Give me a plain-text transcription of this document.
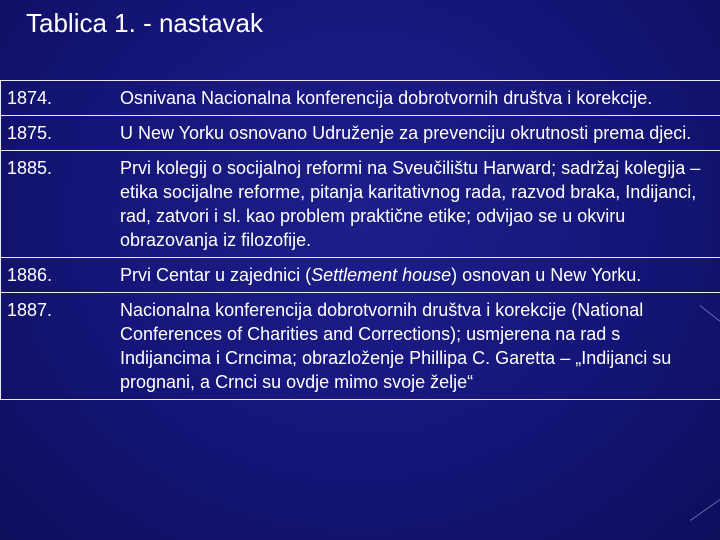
Tablica 1. - nastavak
1874.	Osnivana Nacionalna konferencija dobrotvornih društva i korekcije.
1875.	U New Yorku osnovano Udruženje za prevenciju okrutnosti prema djeci.
1885.	Prvi kolegij o socijalnoj reformi na Sveučilištu Harward; sadržaj kolegija – etika socijalne reforme, pitanja karitativnog rada, razvod braka, Indijanci, rad, zatvori i sl. kao problem praktične etike; odvijao se u okviru obrazovanja iz filozofije.
1886.	Prvi Centar u zajednici (Settlement house) osnovan u New Yorku.
1887.	Nacionalna konferencija dobrotvornih društva i korekcije (National Conferences of Charities and Corrections); usmjerena na rad s Indijancima i Crncima; obrazloženje Phillipa C. Garetta – „Indijanci su prognani, a Crnci su ovdje mimo svoje želje“
